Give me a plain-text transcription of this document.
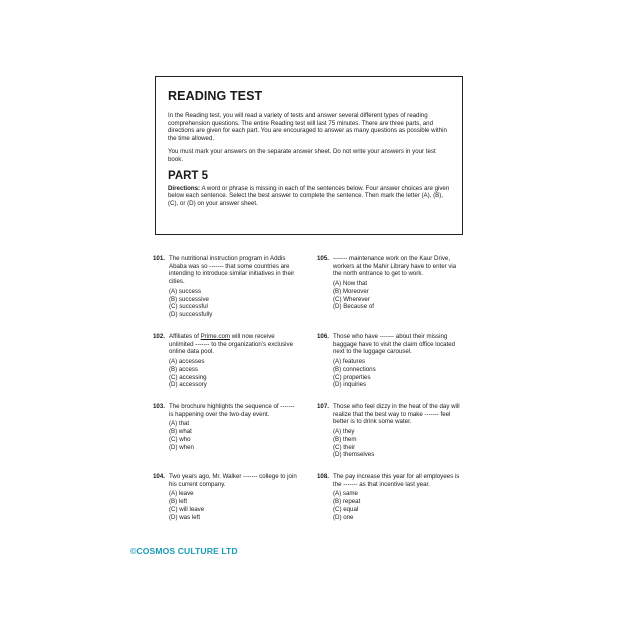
READING TEST

In the Reading test, you will read a variety of tests and answer several different types of reading comprehension questions. The entire Reading test will last 75 minutes. There are three parts, and directions are given for each part. You are encouraged to answer as many questions as possible within the time allowed.

You must mark your answers on the separate answer sheet. Do not write your answers in your test book.

PART 5

Directions: A word or phrase is missing in each of the sentences below. Four answer choices are given below each sentence. Select the best answer to complete the sentence. Then mark the letter (A), (B), (C), or (D) on your answer sheet.

101. The nutritional instruction program in Addis Ababa was so ------- that some countries are intending to introduce similar initiatives in their cities.
(A) success
(B) successive
(C) successful
(D) successfully
102. Affiliates of Prime.com will now receive unlimited ------- to the organization's exclusive online data pool.
(A) accesses
(B) access
(C) accessing
(D) accessory
103. The brochure highlights the sequence of ------- is happening over the two-day event.
(A) that
(B) what
(C) who
(D) when
104. Two years ago, Mr. Walker ------- college to join his current company.
(A) leave
(B) left
(C) will leave
(D) was left
105. ------- maintenance work on the Kaur Drive, workers at the Mahir Library have to enter via the north entrance to get to work.
(A) Now that
(B) Moreover
(C) Wherever
(D) Because of
106. Those who have ------- about their missing baggage have to visit the claim office located next to the luggage carousel.
(A) features
(B) connections
(C) properties
(D) inquiries
107. Those who feel dizzy in the heat of the day will realize that the best way to make ------- feel better is to drink some water.
(A) they
(B) them
(C) their
(D) themselves
108. The pay increase this year for all employees is the ------- as that incentive last year.
(A) same
(B) repeat
(C) equal
(D) one
©COSMOS CULTURE LTD
